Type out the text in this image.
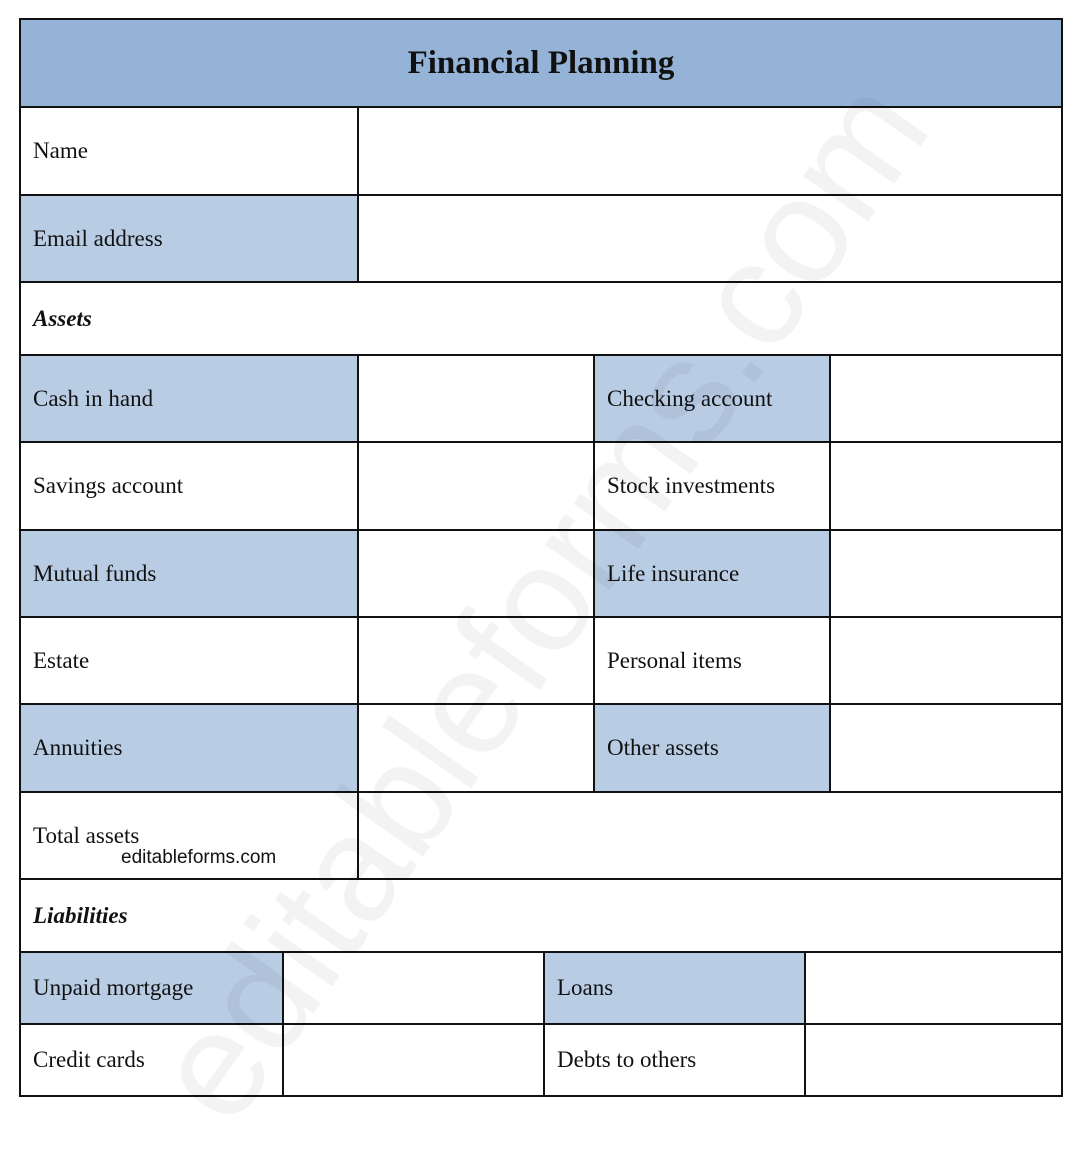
Financial Planning
Name
Email address
Assets
Cash in hand	Checking account
Savings account	Stock investments
Mutual funds	Life insurance
Estate	Personal items
Annuities	Other assets
Total assets
editableforms.com
Liabilities
Unpaid mortgage	Loans
Credit cards	Debts to others
